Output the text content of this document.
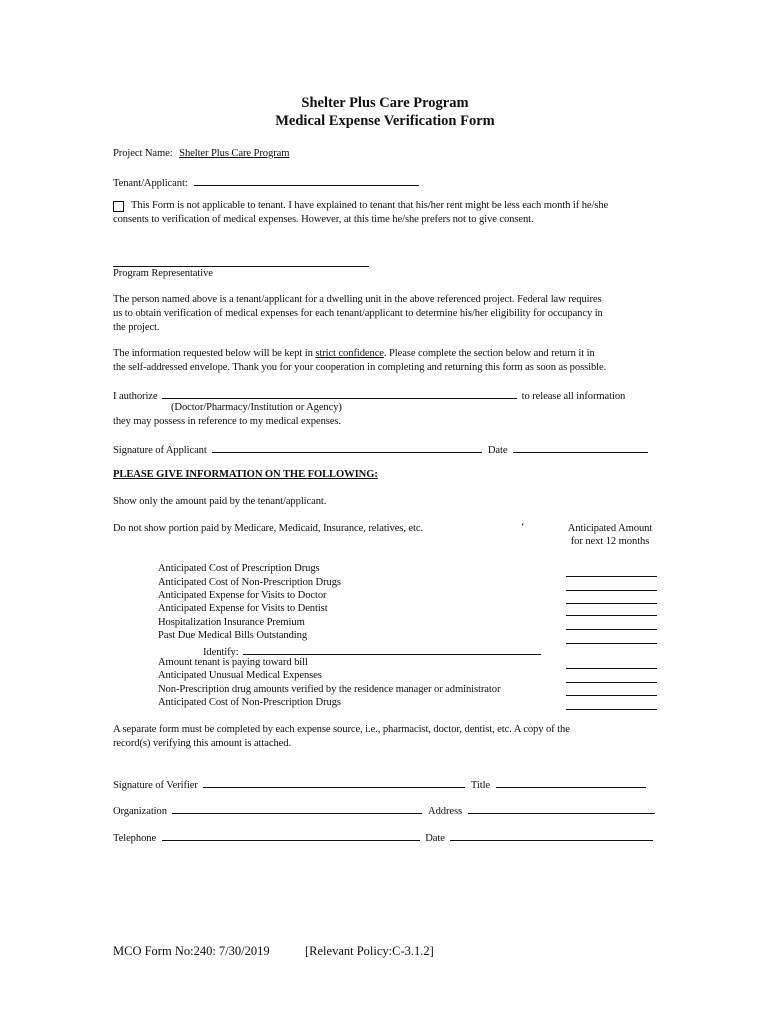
Shelter Plus Care Program
Medical Expense Verification Form
Project Name: Shelter Plus Care Program
Tenant/Applicant:
This Form is not applicable to tenant. I have explained to tenant that his/her rent might be less each month if he/she
consents to verification of medical expenses. However, at this time he/she prefers not to give consent.
Program Representative
The person named above is a tenant/applicant for a dwelling unit in the above referenced project. Federal law requires
us to obtain verification of medical expenses for each tenant/applicant to determine his/her eligibility for occupancy in
the project.
The information requested below will be kept in strict confidence. Please complete the section below and return it in
the self-addressed envelope. Thank you for your cooperation in completing and returning this form as soon as possible.
I authorize	to release all information
(Doctor/Pharmacy/Institution or Agency)
they may possess in reference to my medical expenses.
Signature of Applicant	Date
PLEASE GIVE INFORMATION ON THE FOLLOWING:
Show only the amount paid by the tenant/applicant.
Do not show portion paid by Medicare, Medicaid, Insurance, relatives, etc.	‘	Anticipated Amount
for next 12 months
Anticipated Cost of Prescription Drugs
Anticipated Cost of Non-Prescription Drugs
Anticipated Expense for Visits to Doctor
Anticipated Expense for Visits to Dentist
Hospitalization Insurance Premium
Past Due Medical Bills Outstanding
Identify:
Amount tenant is paying toward bill
Anticipated Unusual Medical Expenses
Non-Prescription drug amounts verified by the residence manager or administrator
Anticipated Cost of Non-Prescription Drugs
A separate form must be completed by each expense source, i.e., pharmacist, doctor, dentist, etc. A copy of the
record(s) verifying this amount is attached.
Signature of Verifier	Title
Organization	Address
Telephone	Date
MCO Form No:240: 7/30/2019	[Relevant Policy:C-3.1.2]
